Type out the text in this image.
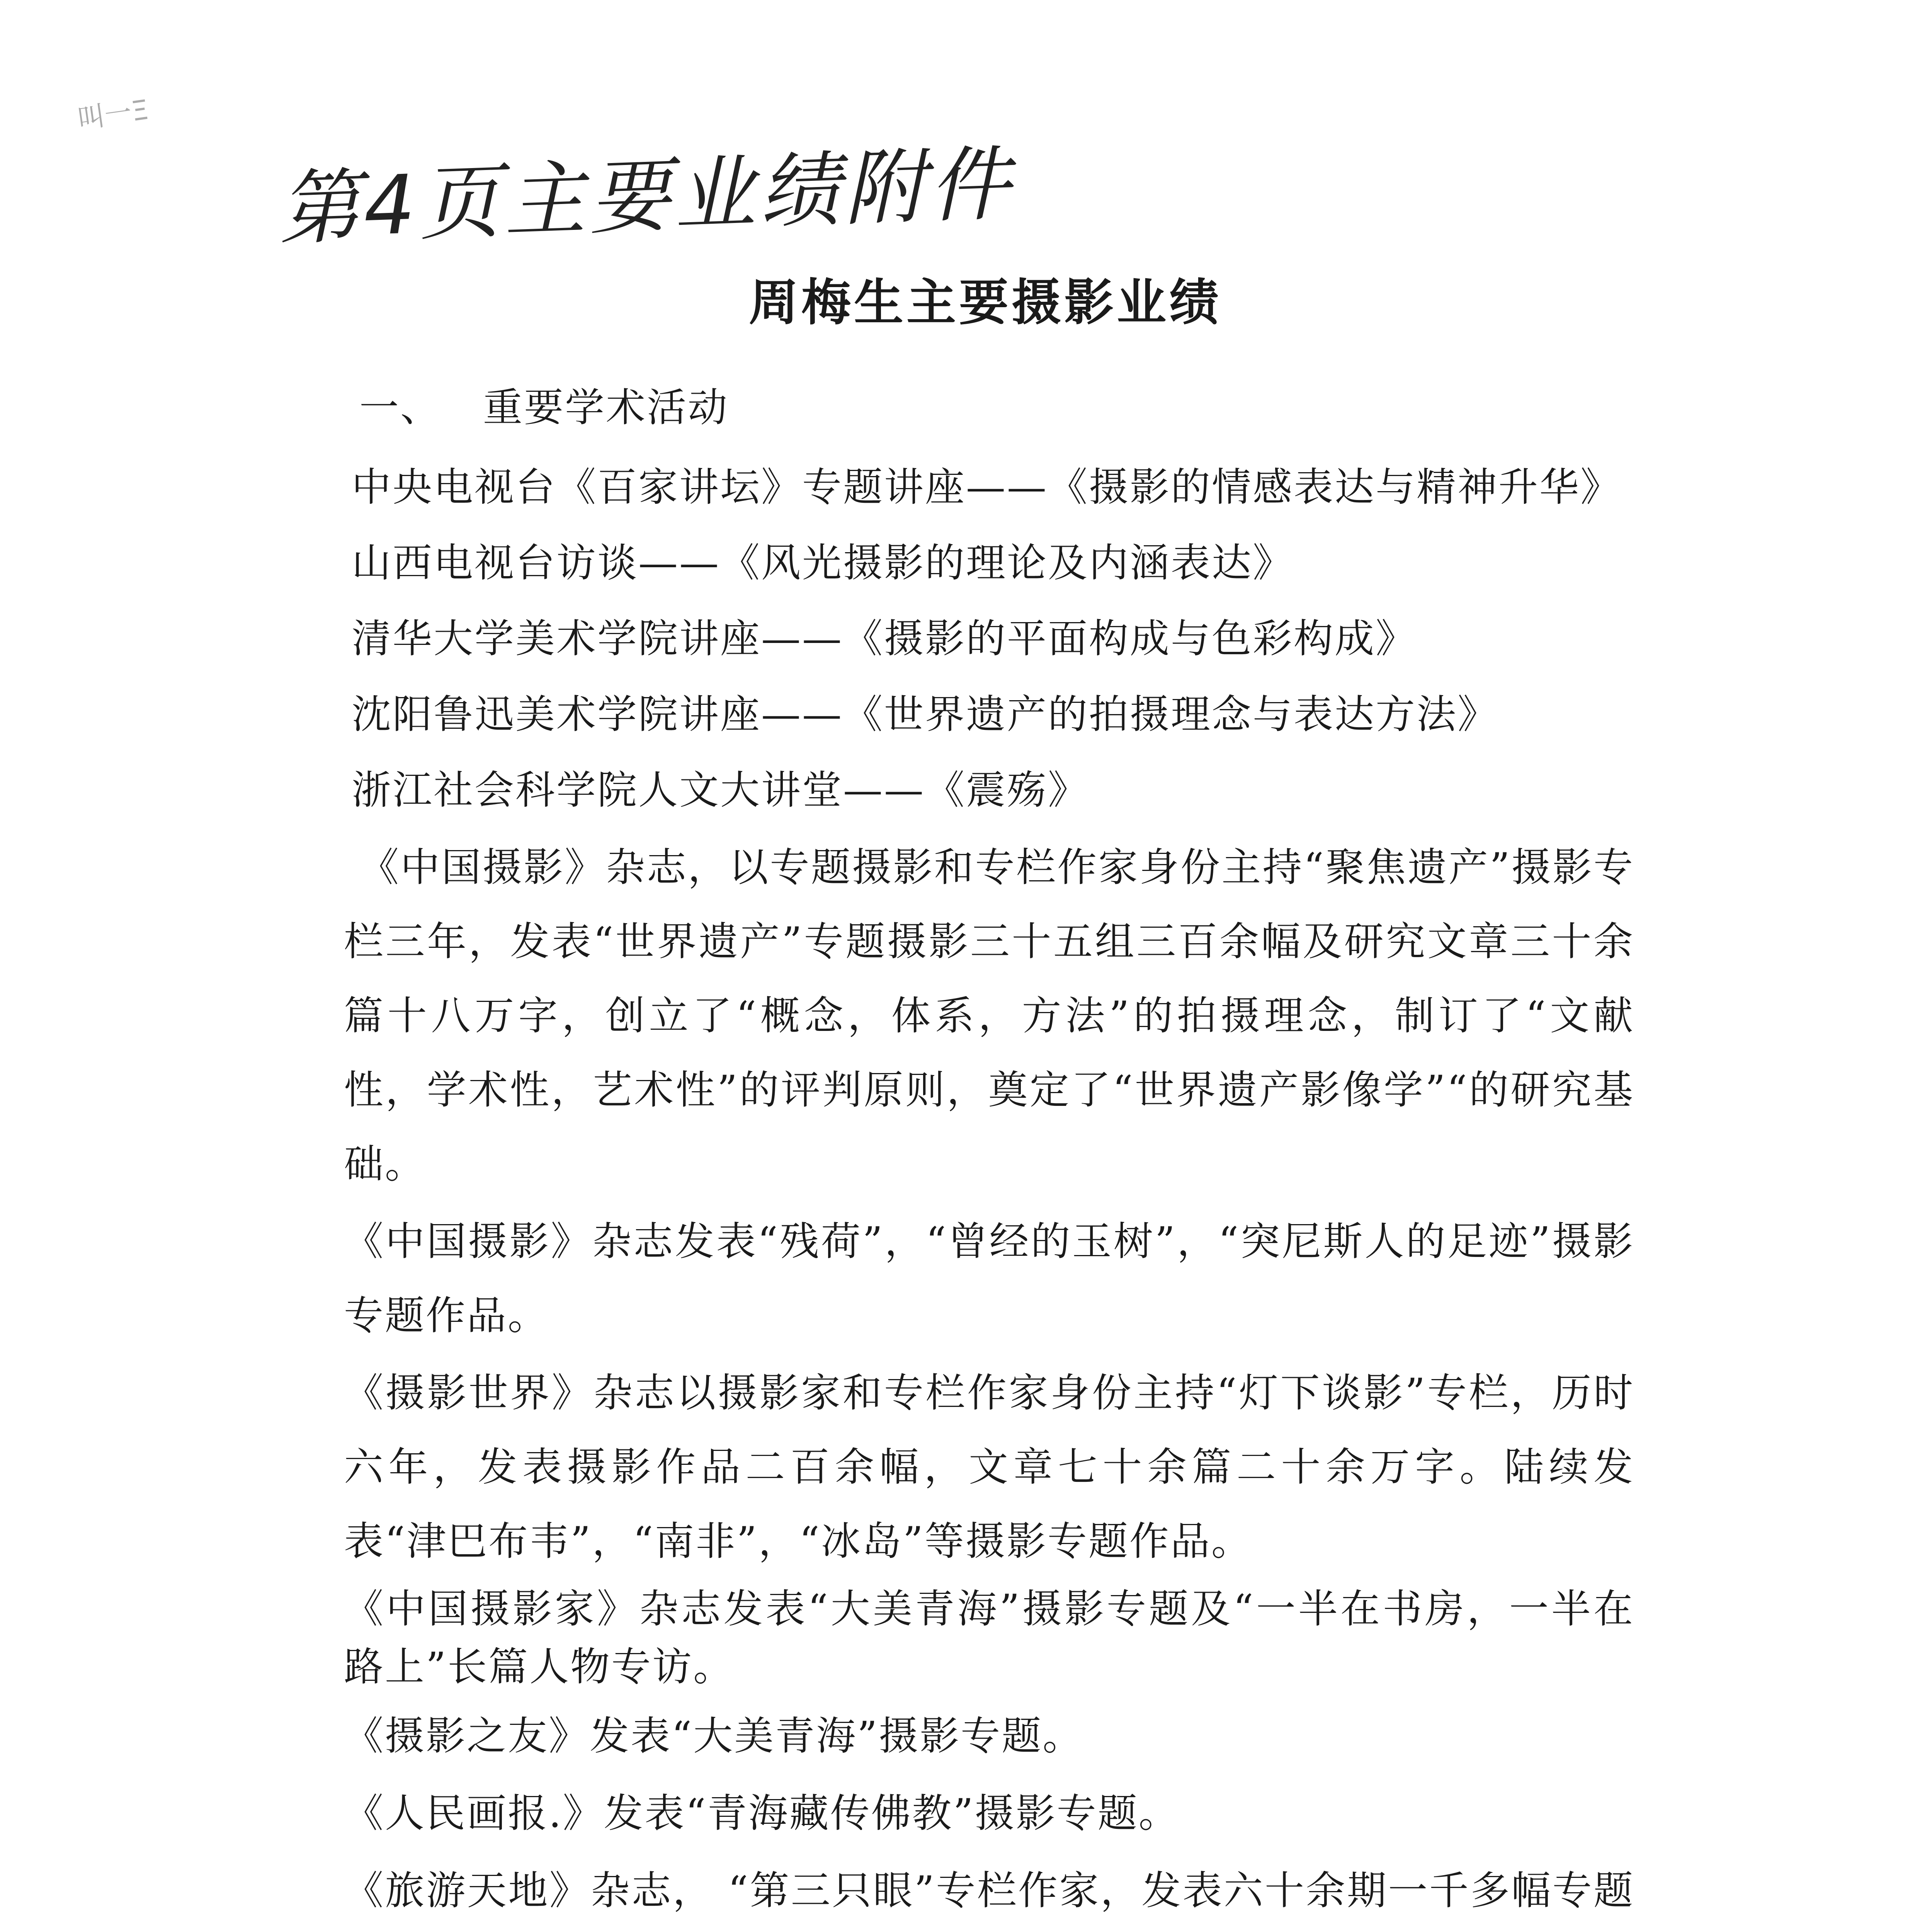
叫一Ξ
第4页主要业绩附件
周梅生主要摄影业绩

一、 重要学术活动

中央电视台《百家讲坛》专题讲座——《摄影的情感表达与精神升华》

山西电视台访谈——《风光摄影的理论及内涵表达》

清华大学美术学院讲座——《摄影的平面构成与色彩构成》

沈阳鲁迅美术学院讲座——《世界遗产的拍摄理念与表达方法》

浙江社会科学院人文大讲堂——《震殇》

《中国摄影》杂志，以专题摄影和专栏作家身份主持“聚焦遗产”摄影专栏三年，发表“世界遗产”专题摄影三十五组三百余幅及研究文章三十余篇十八万字，创立了“概念，体系，方法”的拍摄理念，制订了“文献性，学术性，艺术性”的评判原则，奠定了“世界遗产影像学”“的研究基础。

《中国摄影》杂志发表“残荷”，“曾经的玉树”，“突尼斯人的足迹”摄影专题作品。

《摄影世界》杂志以摄影家和专栏作家身份主持“灯下谈影”专栏，历时六年，发表摄影作品二百余幅，文章七十余篇二十余万字。陆续发表“津巴布韦”，“南非”，“冰岛”等摄影专题作品。

《中国摄影家》杂志发表“大美青海”摄影专题及“一半在书房，一半在路上”长篇人物专访。

《摄影之友》发表“大美青海”摄影专题。

《人民画报.》发表“青海藏传佛教”摄影专题。

《旅游天地》杂志， “第三只眼”专栏作家，发表六十余期一千多幅专题
